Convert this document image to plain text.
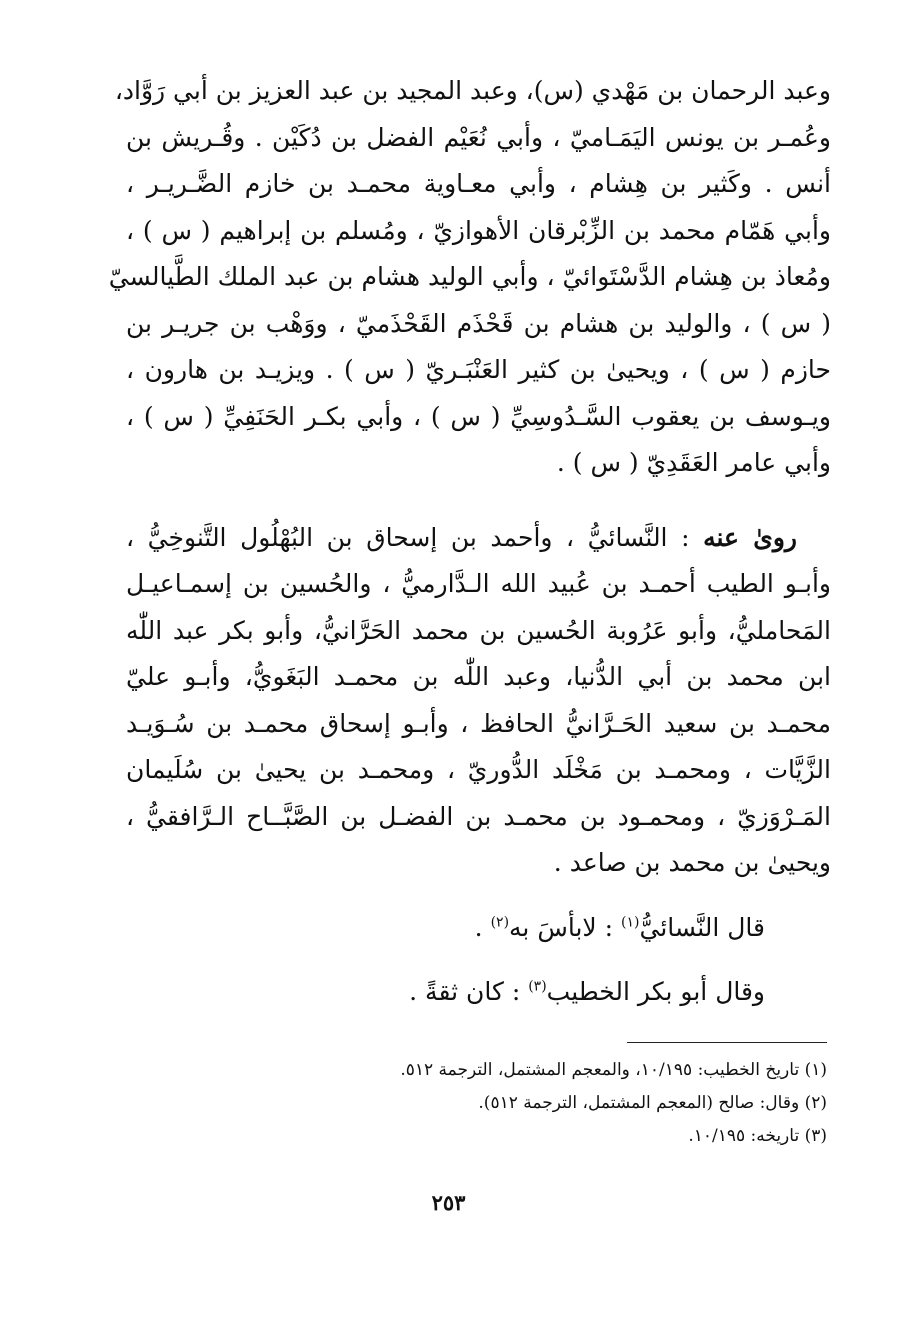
وعبد الرحمان بن مَهْدي (س)، وعبد المجيد بن عبد العزيز بن أبي رَوَّاد،
وعُمـر بن يونس اليَمَـاميّ ، وأبي نُعَيْم الفضل بن دُكَيْن . وقُـريش بن
أنس . وكَثير بن هِشام ، وأبي معـاوية محمـد بن خازم الضَّـريـر ،
وأبي هَمّام محمد بن الزِّبْرقان الأهوازيّ ، ومُسلم بن إبراهيم ( س ) ،
ومُعاذ بن هِشام الدَّسْتَوائيّ ، وأبي الوليد هشام بن عبد الملك الطَّيالسيّ
( س ) ، والوليد بن هشام بن قَحْذَم القَحْذَميّ ، ووَهْب بن جريـر بن
حازم ( س ) ، ويحيىٰ بن كثير العَنْبَـريّ ( س ) . ويزيـد بن هارون ،
ويـوسف بن يعقوب السَّـدُوسِيِّ ( س ) ، وأبي بكـر الحَنَفِيِّ ( س ) ،
وأبي عامر العَقَدِيّ ( س ) .
روىٰ عنه : النَّسائيُّ ، وأحمد بن إسحاق بن البُهْلُول التَّنوخِيُّ ،
وأبـو الطيب أحمـد بن عُبيد الله الـدَّارميُّ ، والحُسين بن إسمـاعيـل
المَحامليُّ، وأبو عَرُوبة الحُسين بن محمد الحَرَّانيُّ، وأبو بكر عبد اللّٰه
ابن محمد بن أبي الدُّنيا، وعبد اللّٰه بن محمـد البَغَويُّ، وأبـو عليّ
محمـد بن سعيد الحَـرَّانيُّ الحافظ ، وأبـو إسحاق محمـد بن سُـوَيـد
الزَّيَّات ، ومحمـد بن مَخْلَد الدُّوريّ ، ومحمـد بن يحيىٰ بن سُلَيمان
المَـرْوَزيّ ، ومحمـود بن محمـد بن الفضـل بن الصَّبَّــاح الـرَّافقيُّ ،
ويحيىٰ بن محمد بن صاعد .
قال النَّسائيُّ$^{(١)}$ : لابأسَ به$^{(٢)}$ .
وقال أبو بكر الخطيب$^{(٣)}$ : كان ثقةً .
(١) تاريخ الخطيب: ١٠/١٩٥، والمعجم المشتمل، الترجمة ٥١٢.
(٢) وقال: صالح (المعجم المشتمل، الترجمة ٥١٢).
(٣) تاريخه: ١٠/١٩٥.
٢٥٣
